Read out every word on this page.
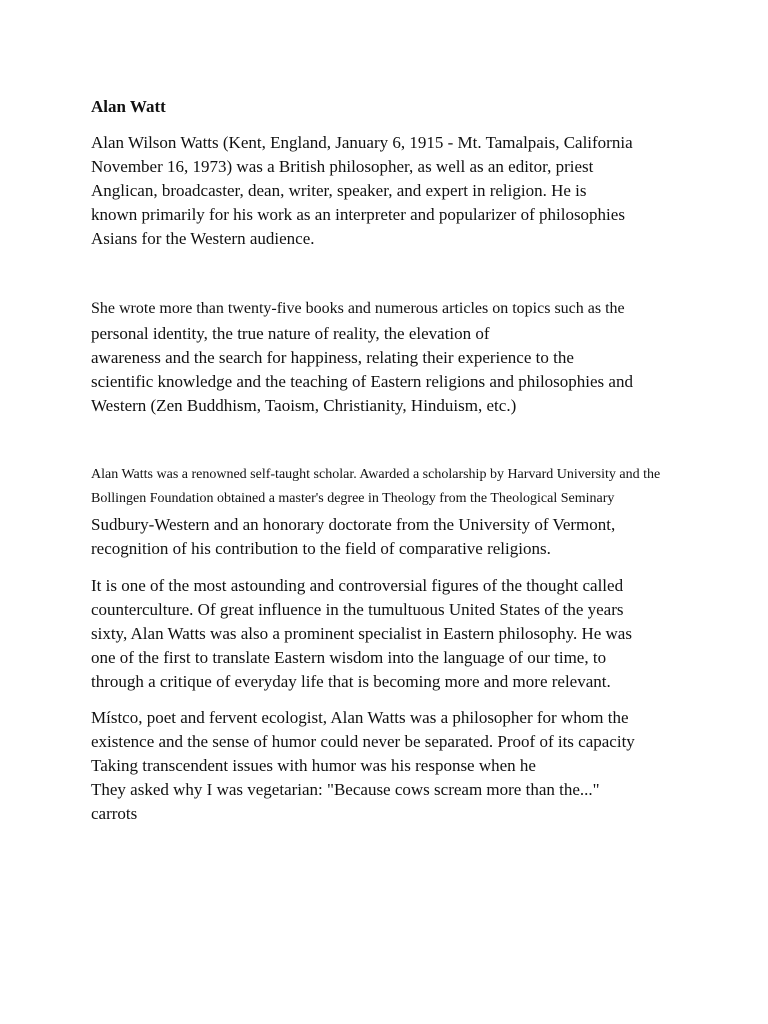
Alan Watt
Alan Wilson Watts (Kent, England, January 6, 1915 - Mt. Tamalpais, California
November 16, 1973) was a British philosopher, as well as an editor, priest
Anglican, broadcaster, dean, writer, speaker, and expert in religion. He is
known primarily for his work as an interpreter and popularizer of philosophies
Asians for the Western audience.
She wrote more than twenty-five books and numerous articles on topics such as the
personal identity, the true nature of reality, the elevation of
awareness and the search for happiness, relating their experience to the
scientific knowledge and the teaching of Eastern religions and philosophies and
Western (Zen Buddhism, Taoism, Christianity, Hinduism, etc.)
Alan Watts was a renowned self-taught scholar. Awarded a scholarship by Harvard University and the
Bollingen Foundation obtained a master's degree in Theology from the Theological Seminary
Sudbury-Western and an honorary doctorate from the University of Vermont,
recognition of his contribution to the field of comparative religions.
It is one of the most astounding and controversial figures of the thought called
counterculture. Of great influence in the tumultuous United States of the years
sixty, Alan Watts was also a prominent specialist in Eastern philosophy. He was
one of the first to translate Eastern wisdom into the language of our time, to
through a critique of everyday life that is becoming more and more relevant.
Místco, poet and fervent ecologist, Alan Watts was a philosopher for whom the
existence and the sense of humor could never be separated. Proof of its capacity
Taking transcendent issues with humor was his response when he
They asked why I was vegetarian: "Because cows scream more than the..."
carrots
